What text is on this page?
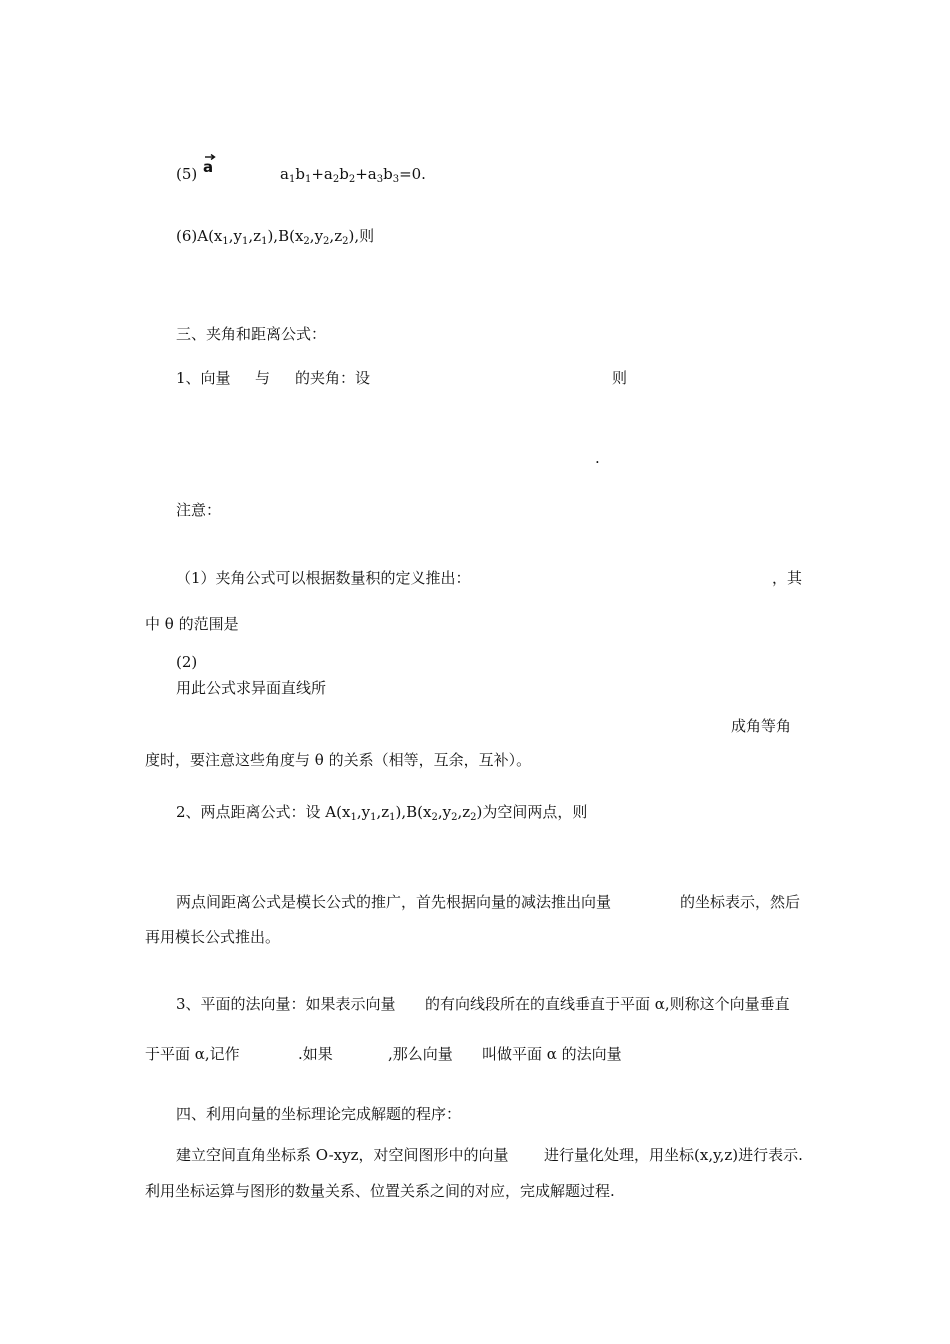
(5) a	$a_1b_1+a_2b_2+a_3b_3=0$.
$(6)A(x_1,y_1,z_1),B(x_2,y_2,z_2)$,则
三、夹角和距离公式：
1、向量 与 的夹角：设	则
.
注意：
（1）夹角公式可以根据数量积的定义推出：	，其
中 θ 的范围是
(2)
用此公式求异面直线所
成角等角
度时，要注意这些角度与 θ 的关系（相等，互余，互补）。
2、两点距离公式：设 $A(x_1,y_1,z_1),B(x_2,y_2,z_2)$为空间两点，则
两点间距离公式是模长公式的推广，首先根据向量的减法推出向量	的坐标表示，然后
再用模长公式推出。
3、平面的法向量：如果表示向量 的有向线段所在的直线垂直于平面 α,则称这个向量垂直
于平面 α,记作	.如果	,那么向量 叫做平面 α 的法向量
四、利用向量的坐标理论完成解题的程序：
建立空间直角坐标系 O-xyz，对空间图形中的向量 进行量化处理，用坐标(x,y,z)进行表示.
利用坐标运算与图形的数量关系、位置关系之间的对应，完成解题过程.
